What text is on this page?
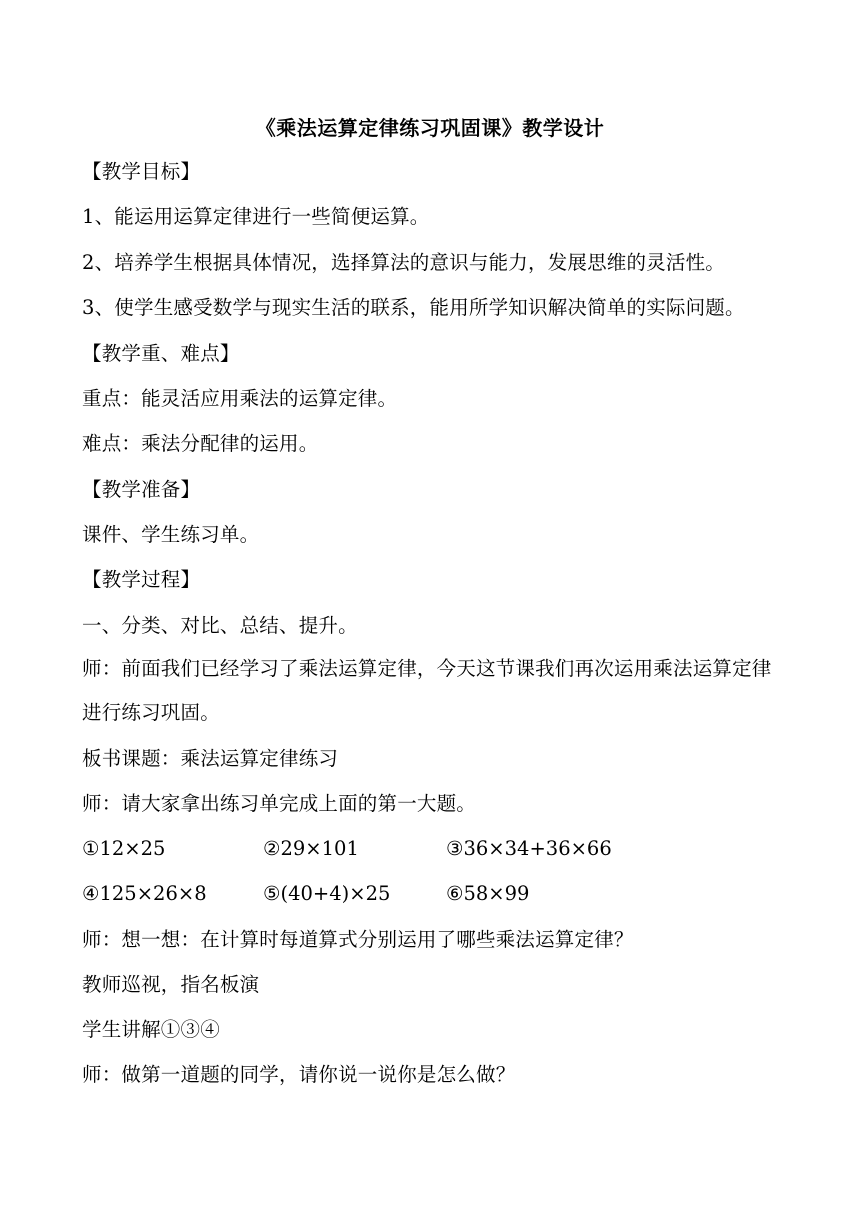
《乘法运算定律练习巩固课》教学设计
【教学目标】
1、能运用运算定律进行一些简便运算。
2、培养学生根据具体情况，选择算法的意识与能力，发展思维的灵活性。
3、使学生感受数学与现实生活的联系，能用所学知识解决简单的实际问题。
【教学重、难点】
重点：能灵活应用乘法的运算定律。
难点：乘法分配律的运用。
【教学准备】
课件、学生练习单。
【教学过程】
一、分类、对比、总结、提升。
师：前面我们已经学习了乘法运算定律，今天这节课我们再次运用乘法运算定律进行练习巩固。
板书课题：乘法运算定律练习
师：请大家拿出练习单完成上面的第一大题。
①12×25	②29×101	③36×34+36×66
④125×26×8	⑤(40+4)×25	⑥58×99
师：想一想：在计算时每道算式分别运用了哪些乘法运算定律？
教师巡视，指名板演
学生讲解①③④
师：做第一道题的同学，请你说一说你是怎么做？
